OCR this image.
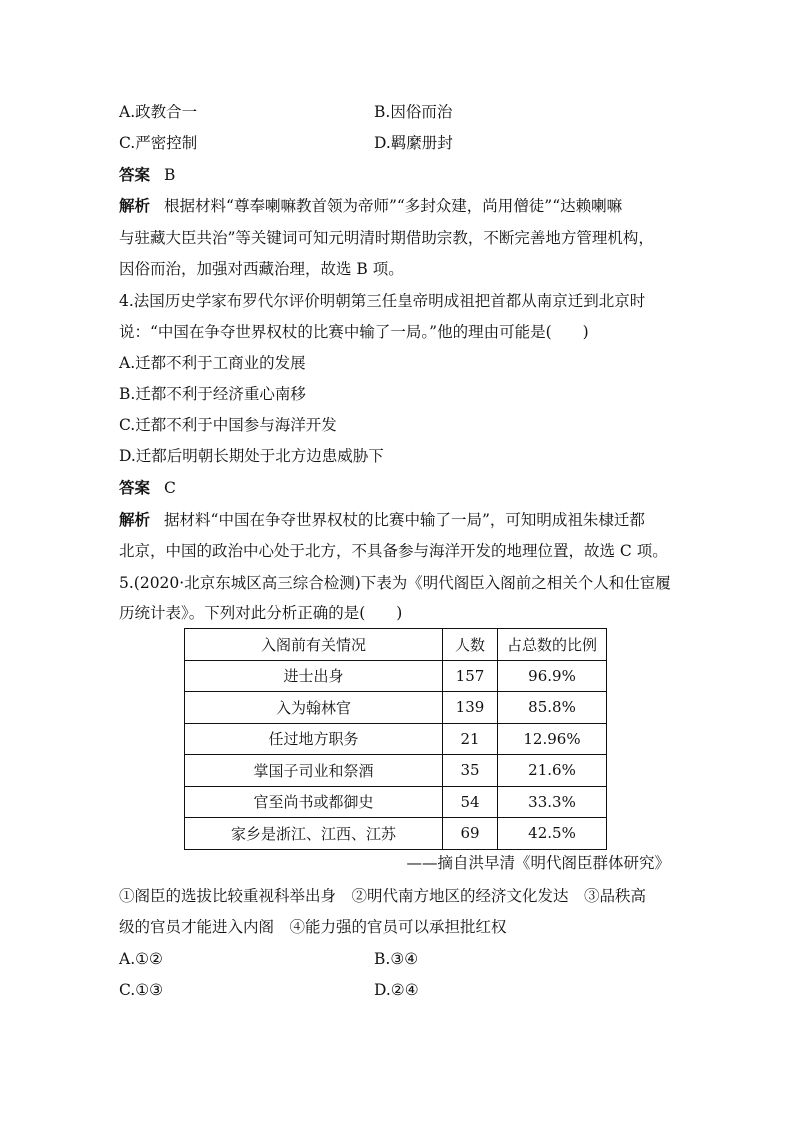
A.政教合一	B.因俗而治
C.严密控制	D.羁縻册封
答案 B
解析 根据材料“尊奉喇嘛教首领为帝师”“多封众建，尚用僧徒”“达赖喇嘛
与驻藏大臣共治”等关键词可知元明清时期借助宗教，不断完善地方管理机构，
因俗而治，加强对西藏治理，故选 B 项。
4.法国历史学家布罗代尔评价明朝第三任皇帝明成祖把首都从南京迁到北京时
说：“中国在争夺世界权杖的比赛中输了一局。”他的理由可能是(　　)
A.迁都不利于工商业的发展
B.迁都不利于经济重心南移
C.迁都不利于中国参与海洋开发
D.迁都后明朝长期处于北方边患威胁下
答案 C
解析 据材料“中国在争夺世界权杖的比赛中输了一局”，可知明成祖朱棣迁都
北京，中国的政治中心处于北方，不具备参与海洋开发的地理位置，故选 C 项。
5.(2020·北京东城区高三综合检测)下表为《明代阁臣入阁前之相关个人和仕宦履
历统计表》。下列对此分析正确的是(　　)
入阁前有关情况	人数	占总数的比例
进士出身	157	96.9%
入为翰林官	139	85.8%
任过地方职务	21	12.96%
掌国子司业和祭酒	35	21.6%
官至尚书或都御史	54	33.3%
家乡是浙江、江西、江苏	69	42.5%
——摘自洪早清《明代阁臣群体研究》
①阁臣的选拔比较重视科举出身　②明代南方地区的经济文化发达　③品秩高
级的官员才能进入内阁　④能力强的官员可以承担批红权
A.①②	B.③④
C.①③	D.②④
